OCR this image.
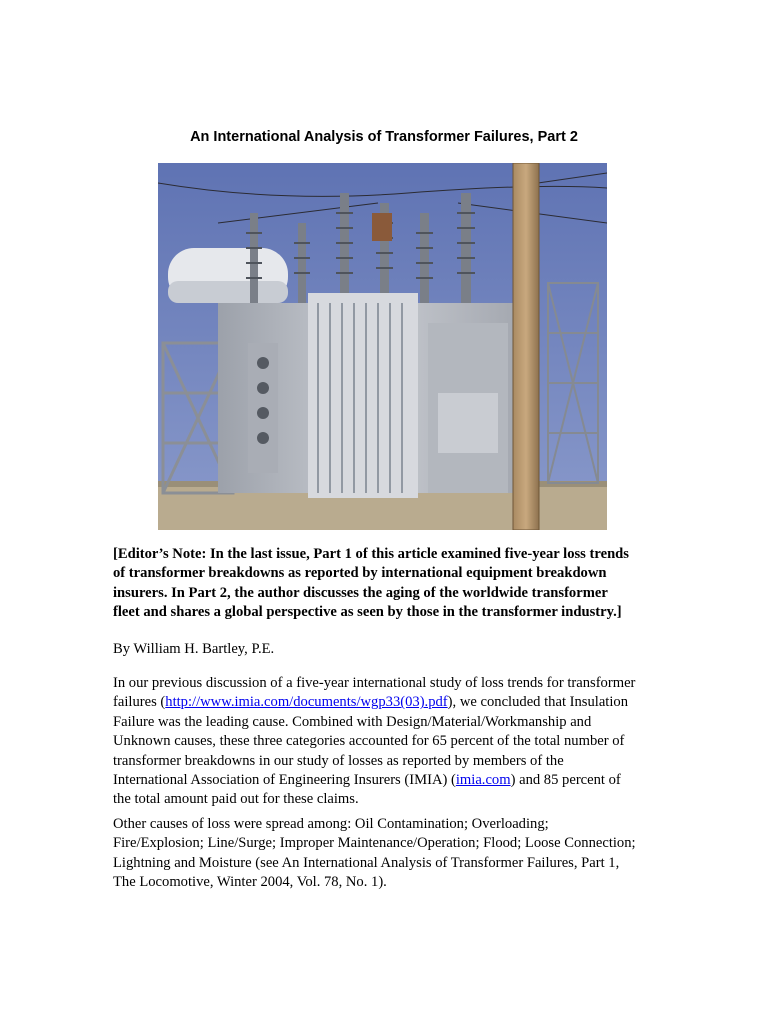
An International Analysis of Transformer Failures, Part 2
[Editor’s Note: In the last issue, Part 1 of this article examined five-year loss trends
of transformer breakdowns as reported by international equipment breakdown
insurers. In Part 2, the author discusses the aging of the worldwide transformer
fleet and shares a global perspective as seen by those in the transformer industry.]
By William H. Bartley, P.E.
In our previous discussion of a five-year international study of loss trends for transformer
failures (http://www.imia.com/documents/wgp33(03).pdf), we concluded that Insulation
Failure was the leading cause. Combined with Design/Material/Workmanship and
Unknown causes, these three categories accounted for 65 percent of the total number of
transformer breakdowns in our study of losses as reported by members of the
International Association of Engineering Insurers (IMIA) (imia.com) and 85 percent of
the total amount paid out for these claims.
Other causes of loss were spread among: Oil Contamination; Overloading;
Fire/Explosion; Line/Surge; Improper Maintenance/Operation; Flood; Loose Connection;
Lightning and Moisture (see An International Analysis of Transformer Failures, Part 1,
The Locomotive, Winter 2004, Vol. 78, No. 1).
